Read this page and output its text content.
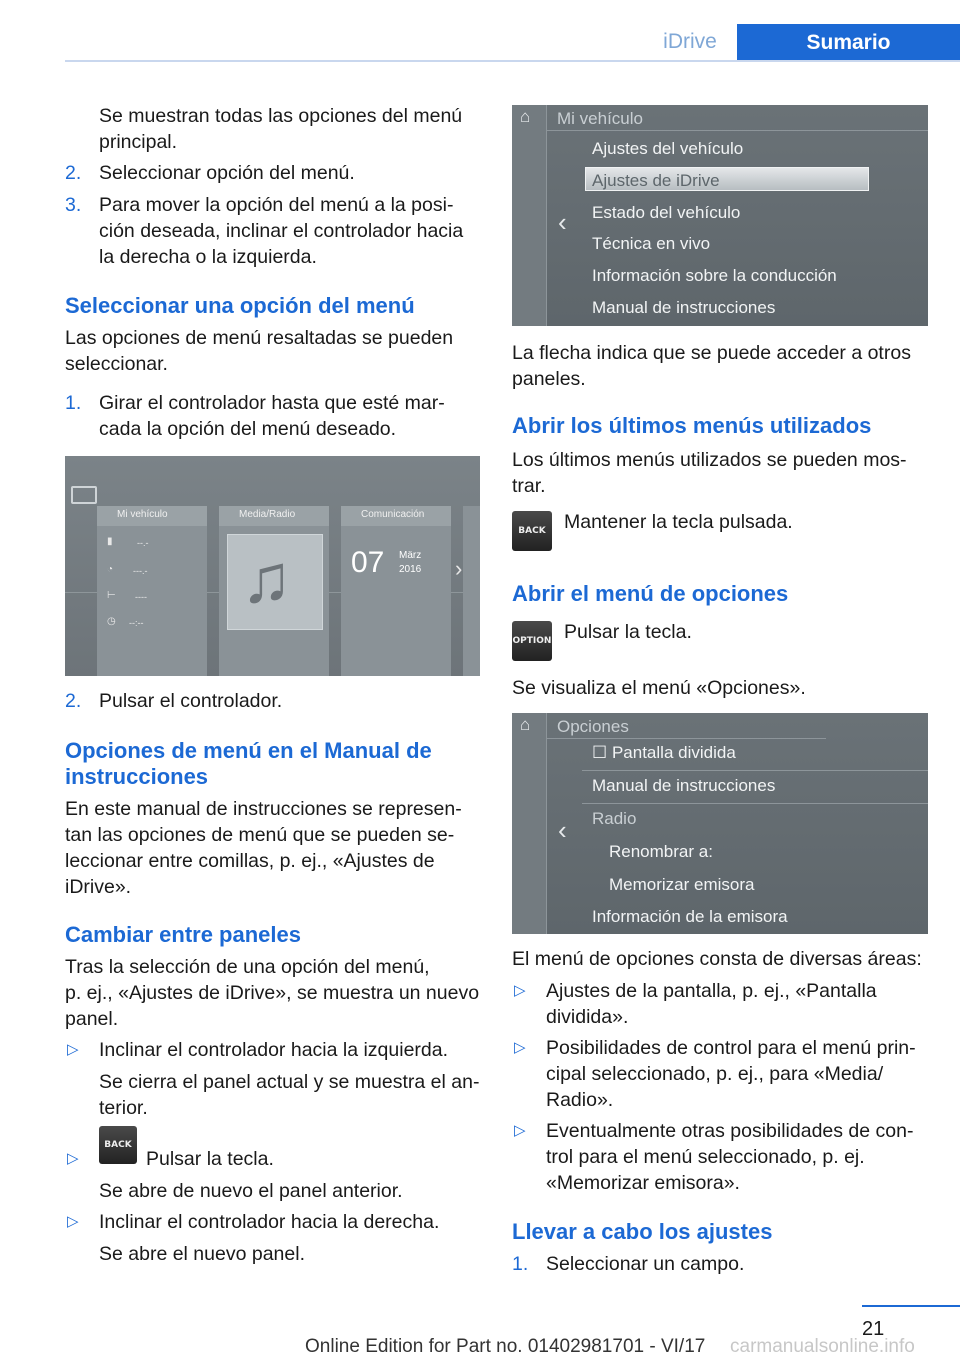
iDrive	Sumario

Se muestran todas las opciones del menú

principal.

2. Seleccionar opción del menú.

3. Para mover la opción del menú a la posi‐

ción deseada, inclinar el controlador hacia

la derecha o la izquierda.

Seleccionar una opción del menú

Las opciones de menú resaltadas se pueden

seleccionar.

1. Girar el controlador hasta que esté mar‐

cada la opción del menú deseado.

Mi vehículo
▮	--.-
◔ ---.-
⊢ ----
◷ --:--
Media/Radio
♫
Comunicación
07 März
2016 ›
2. Pulsar el controlador.

Opciones de menú en el Manual de
instrucciones

En este manual de instrucciones se represen‐

tan las opciones de menú que se pueden se‐

leccionar entre comillas, p. ej., «Ajustes de

iDrive».

Cambiar entre paneles

Tras la selección de una opción del menú,

p. ej., «Ajustes de iDrive», se muestra un nuevo

panel.

▷ Inclinar el controlador hacia la izquierda.

Se cierra el panel actual y se muestra el an‐

terior.

▷
BACK

Pulsar la tecla.

Se abre de nuevo el panel anterior.

▷ Inclinar el controlador hacia la derecha.

Se abre el nuevo panel.

⌂
‹
Mi vehículo
Ajustes del vehículo
Ajustes de iDrive
Estado del vehículo
Técnica en vivo
Información sobre la conducción
Manual de instrucciones

La flecha indica que se puede acceder a otros

paneles.

Abrir los últimos menús utilizados

Los últimos menús utilizados se pueden mos‐

trar.

BACK Mantener la tecla pulsada.

Abrir el menú de opciones
OPTION Pulsar la tecla.

Se visualiza el menú «Opciones».

⌂
‹
Opciones
☐ Pantalla dividida
Manual de instrucciones
Radio
Renombrar a:
Memorizar emisora
Información de la emisora

El menú de opciones consta de diversas áreas:

▷ Ajustes de la pantalla, p. ej., «Pantalla

dividida».

▷ Posibilidades de control para el menú prin‐

cipal seleccionado, p. ej., para «Media/

Radio».

▷ Eventualmente otras posibilidades de con‐

trol para el menú seleccionado, p. ej.

«Memorizar emisora».

Llevar a cabo los ajustes
1. Seleccionar un campo.

21
Online Edition for Part no. 01402981701 - VI/17 carmanualsonline.info
